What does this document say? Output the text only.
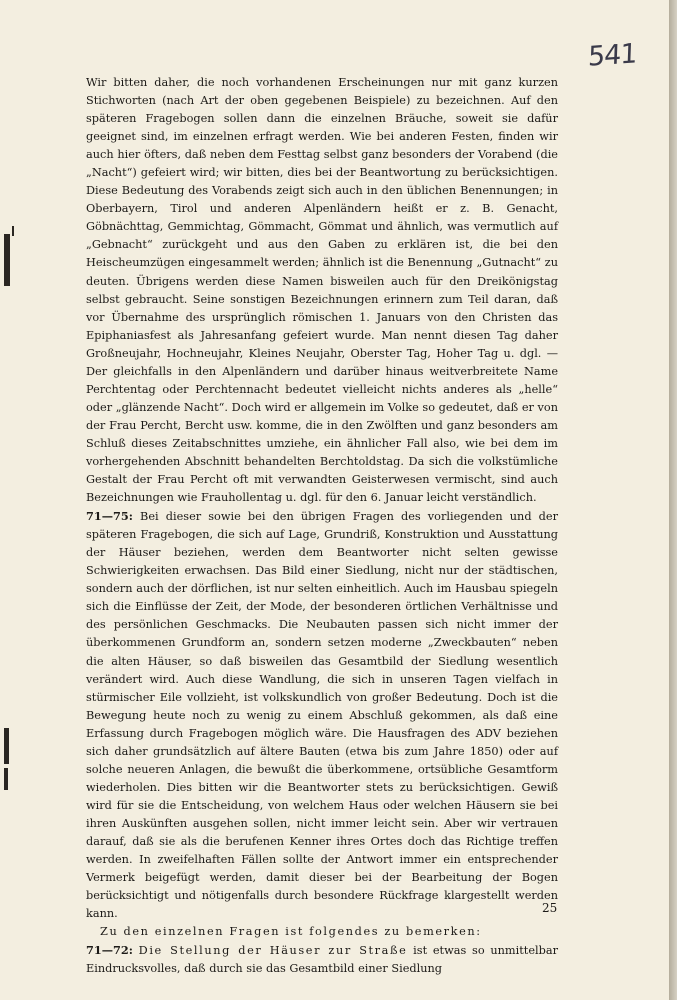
541

Wir bitten daher, die noch vorhandenen Erscheinungen nur mit ganz kurzen Stichworten (nach Art der oben gegebenen Beispiele) zu bezeichnen. Auf den späteren Fragebogen sollen dann die einzelnen Bräuche, soweit sie dafür geeignet sind, im einzelnen erfragt werden. Wie bei anderen Festen, finden wir auch hier öfters, daß neben dem Festtag selbst ganz besonders der Vorabend (die „Nacht“) gefeiert wird; wir bitten, dies bei der Beantwortung zu berücksichtigen. Diese Bedeutung des Vorabends zeigt sich auch in den üblichen Benennungen; in Oberbayern, Tirol und anderen Alpenländern heißt er z. B. Genacht, Göbnächttag, Gemmichtag, Gömmacht, Gömmat und ähnlich, was vermutlich auf „Gebnacht“ zurückgeht und aus den Gaben zu erklären ist, die bei den Heischeumzügen eingesammelt werden; ähnlich ist die Benennung „Gutnacht“ zu deuten. Übrigens werden diese Namen bisweilen auch für den Dreikönigstag selbst gebraucht. Seine sonstigen Bezeichnungen erinnern zum Teil daran, daß vor Übernahme des ursprünglich römischen 1. Januars von den Christen das Epiphaniasfest als Jahresanfang gefeiert wurde. Man nennt diesen Tag daher Großneujahr, Hochneujahr, Kleines Neujahr, Oberster Tag, Hoher Tag u. dgl. — Der gleichfalls in den Alpenländern und darüber hinaus weitverbreitete Name Perchtentag oder Perchtennacht bedeutet vielleicht nichts anderes als „helle“ oder „glänzende Nacht“. Doch wird er allgemein im Volke so gedeutet, daß er von der Frau Percht, Bercht usw. komme, die in den Zwölften und ganz besonders am Schluß dieses Zeitabschnittes umziehe, ein ähnlicher Fall also, wie bei dem im vorhergehenden Abschnitt behandelten Berchtoldstag. Da sich die volkstümliche Gestalt der Frau Percht oft mit verwandten Geisterwesen vermischt, sind auch Bezeichnungen wie Frauhollentag u. dgl. für den 6. Januar leicht verständlich.

71—75: Bei dieser sowie bei den übrigen Fragen des vorliegenden und der späteren Fragebogen, die sich auf Lage, Grundriß, Konstruktion und Ausstattung der Häuser beziehen, werden dem Beantworter nicht selten gewisse Schwierigkeiten erwachsen. Das Bild einer Siedlung, nicht nur der städtischen, sondern auch der dörflichen, ist nur selten einheitlich. Auch im Hausbau spiegeln sich die Einflüsse der Zeit, der Mode, der besonderen örtlichen Verhältnisse und des persönlichen Geschmacks. Die Neubauten passen sich nicht immer der überkommenen Grundform an, sondern setzen moderne „Zweckbauten“ neben die alten Häuser, so daß bisweilen das Gesamtbild der Siedlung wesentlich verändert wird. Auch diese Wandlung, die sich in unseren Tagen vielfach in stürmischer Eile vollzieht, ist volkskundlich von großer Bedeutung. Doch ist die Bewegung heute noch zu wenig zu einem Abschluß gekommen, als daß eine Erfassung durch Fragebogen möglich wäre. Die Hausfragen des ADV beziehen sich daher grundsätzlich auf ältere Bauten (etwa bis zum Jahre 1850) oder auf solche neueren Anlagen, die bewußt die überkommene, ortsübliche Gesamtform wiederholen. Dies bitten wir die Beantworter stets zu berücksichtigen. Gewiß wird für sie die Entscheidung, von welchem Haus oder welchen Häusern sie bei ihren Auskünften ausgehen sollen, nicht immer leicht sein. Aber wir vertrauen darauf, daß sie als die berufenen Kenner ihres Ortes doch das Richtige treffen werden. In zweifelhaften Fällen sollte der Antwort immer ein entsprechender Vermerk beigefügt werden, damit dieser bei der Bearbeitung der Bogen berücksichtigt und nötigenfalls durch besondere Rückfrage klargestellt werden kann.

Zu den einzelnen Fragen ist folgendes zu bemerken:

71—72: Die Stellung der Häuser zur Straße ist etwas so unmittelbar Eindrucksvolles, daß durch sie das Gesamtbild einer Siedlung

25
